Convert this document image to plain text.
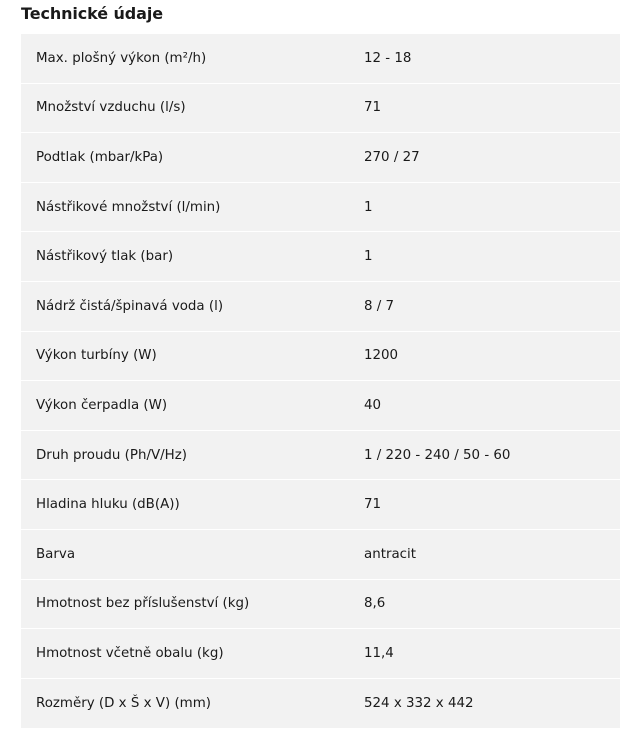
Technické údaje
Max. plošný výkon (m²/h)	12 - 18
Množství vzduchu (l/s)	71
Podtlak (mbar/kPa)	270 / 27
Nástřikové množství (l/min)	1
Nástřikový tlak (bar)	1
Nádrž čistá/špinavá voda (l)	8 / 7
Výkon turbíny (W)	1200
Výkon čerpadla (W)	40
Druh proudu (Ph/V/Hz)	1 / 220 - 240 / 50 - 60
Hladina hluku (dB(A))	71
Barva	antracit
Hmotnost bez příslušenství (kg)	8,6
Hmotnost včetně obalu (kg)	11,4
Rozměry (D x Š x V) (mm)	524 x 332 x 442
